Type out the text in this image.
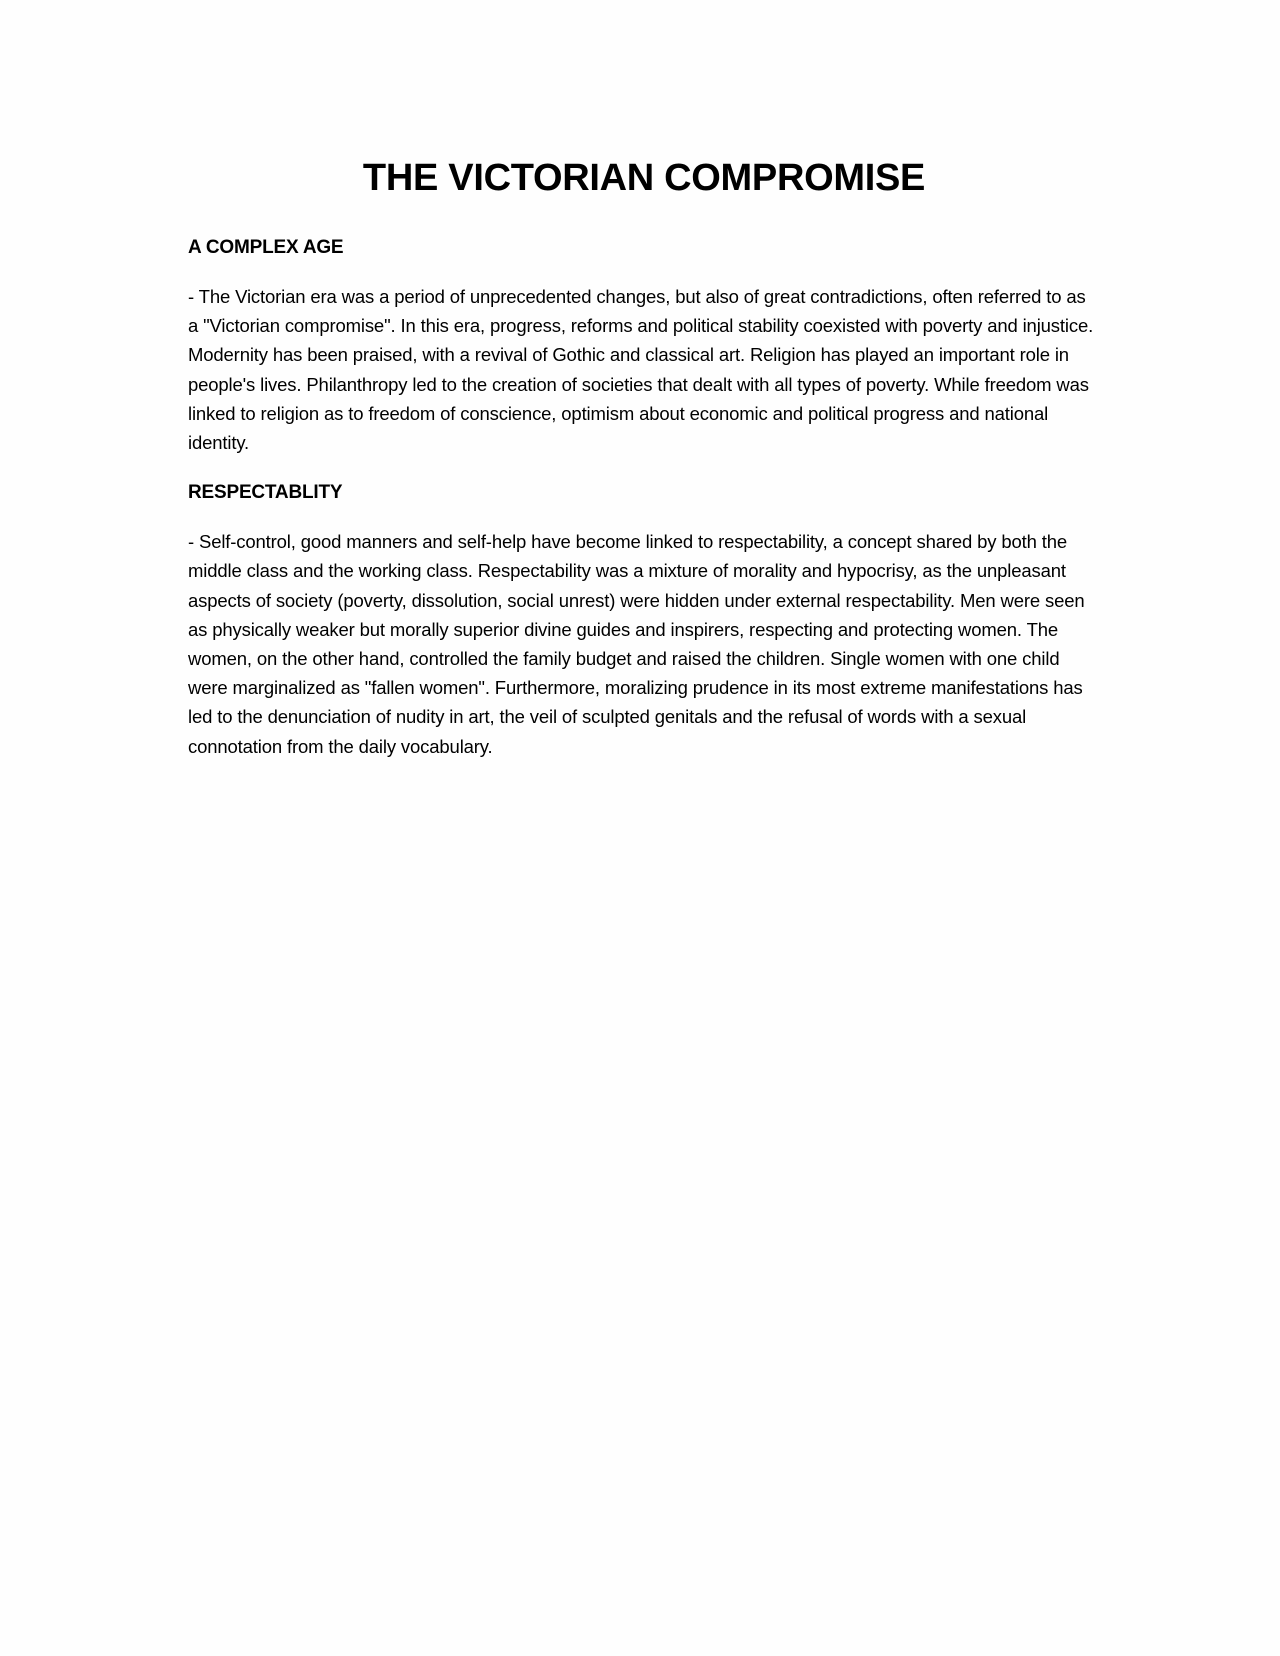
THE VICTORIAN COMPROMISE
A COMPLEX AGE

- The Victorian era was a period of unprecedented changes, but also of great contradictions, often referred to as a "Victorian compromise". In this era, progress, reforms and political stability coexisted with poverty and injustice. Modernity has been praised, with a revival of Gothic and classical art. Religion has played an important role in people's lives. Philanthropy led to the creation of societies that dealt with all types of poverty. While freedom was linked to religion as to freedom of conscience, optimism about economic and political progress and national identity.

RESPECTABLITY

- Self-control, good manners and self-help have become linked to respectability, a concept shared by both the middle class and the working class. Respectability was a mixture of morality and hypocrisy, as the unpleasant aspects of society (poverty, dissolution, social unrest) were hidden under external respectability. Men were seen as physically weaker but morally superior divine guides and inspirers, respecting and protecting women. The women, on the other hand, controlled the family budget and raised the children. Single women with one child were marginalized as "fallen women". Furthermore, moralizing prudence in its most extreme manifestations has led to the denunciation of nudity in art, the veil of sculpted genitals and the refusal of words with a sexual connotation from the daily vocabulary.
